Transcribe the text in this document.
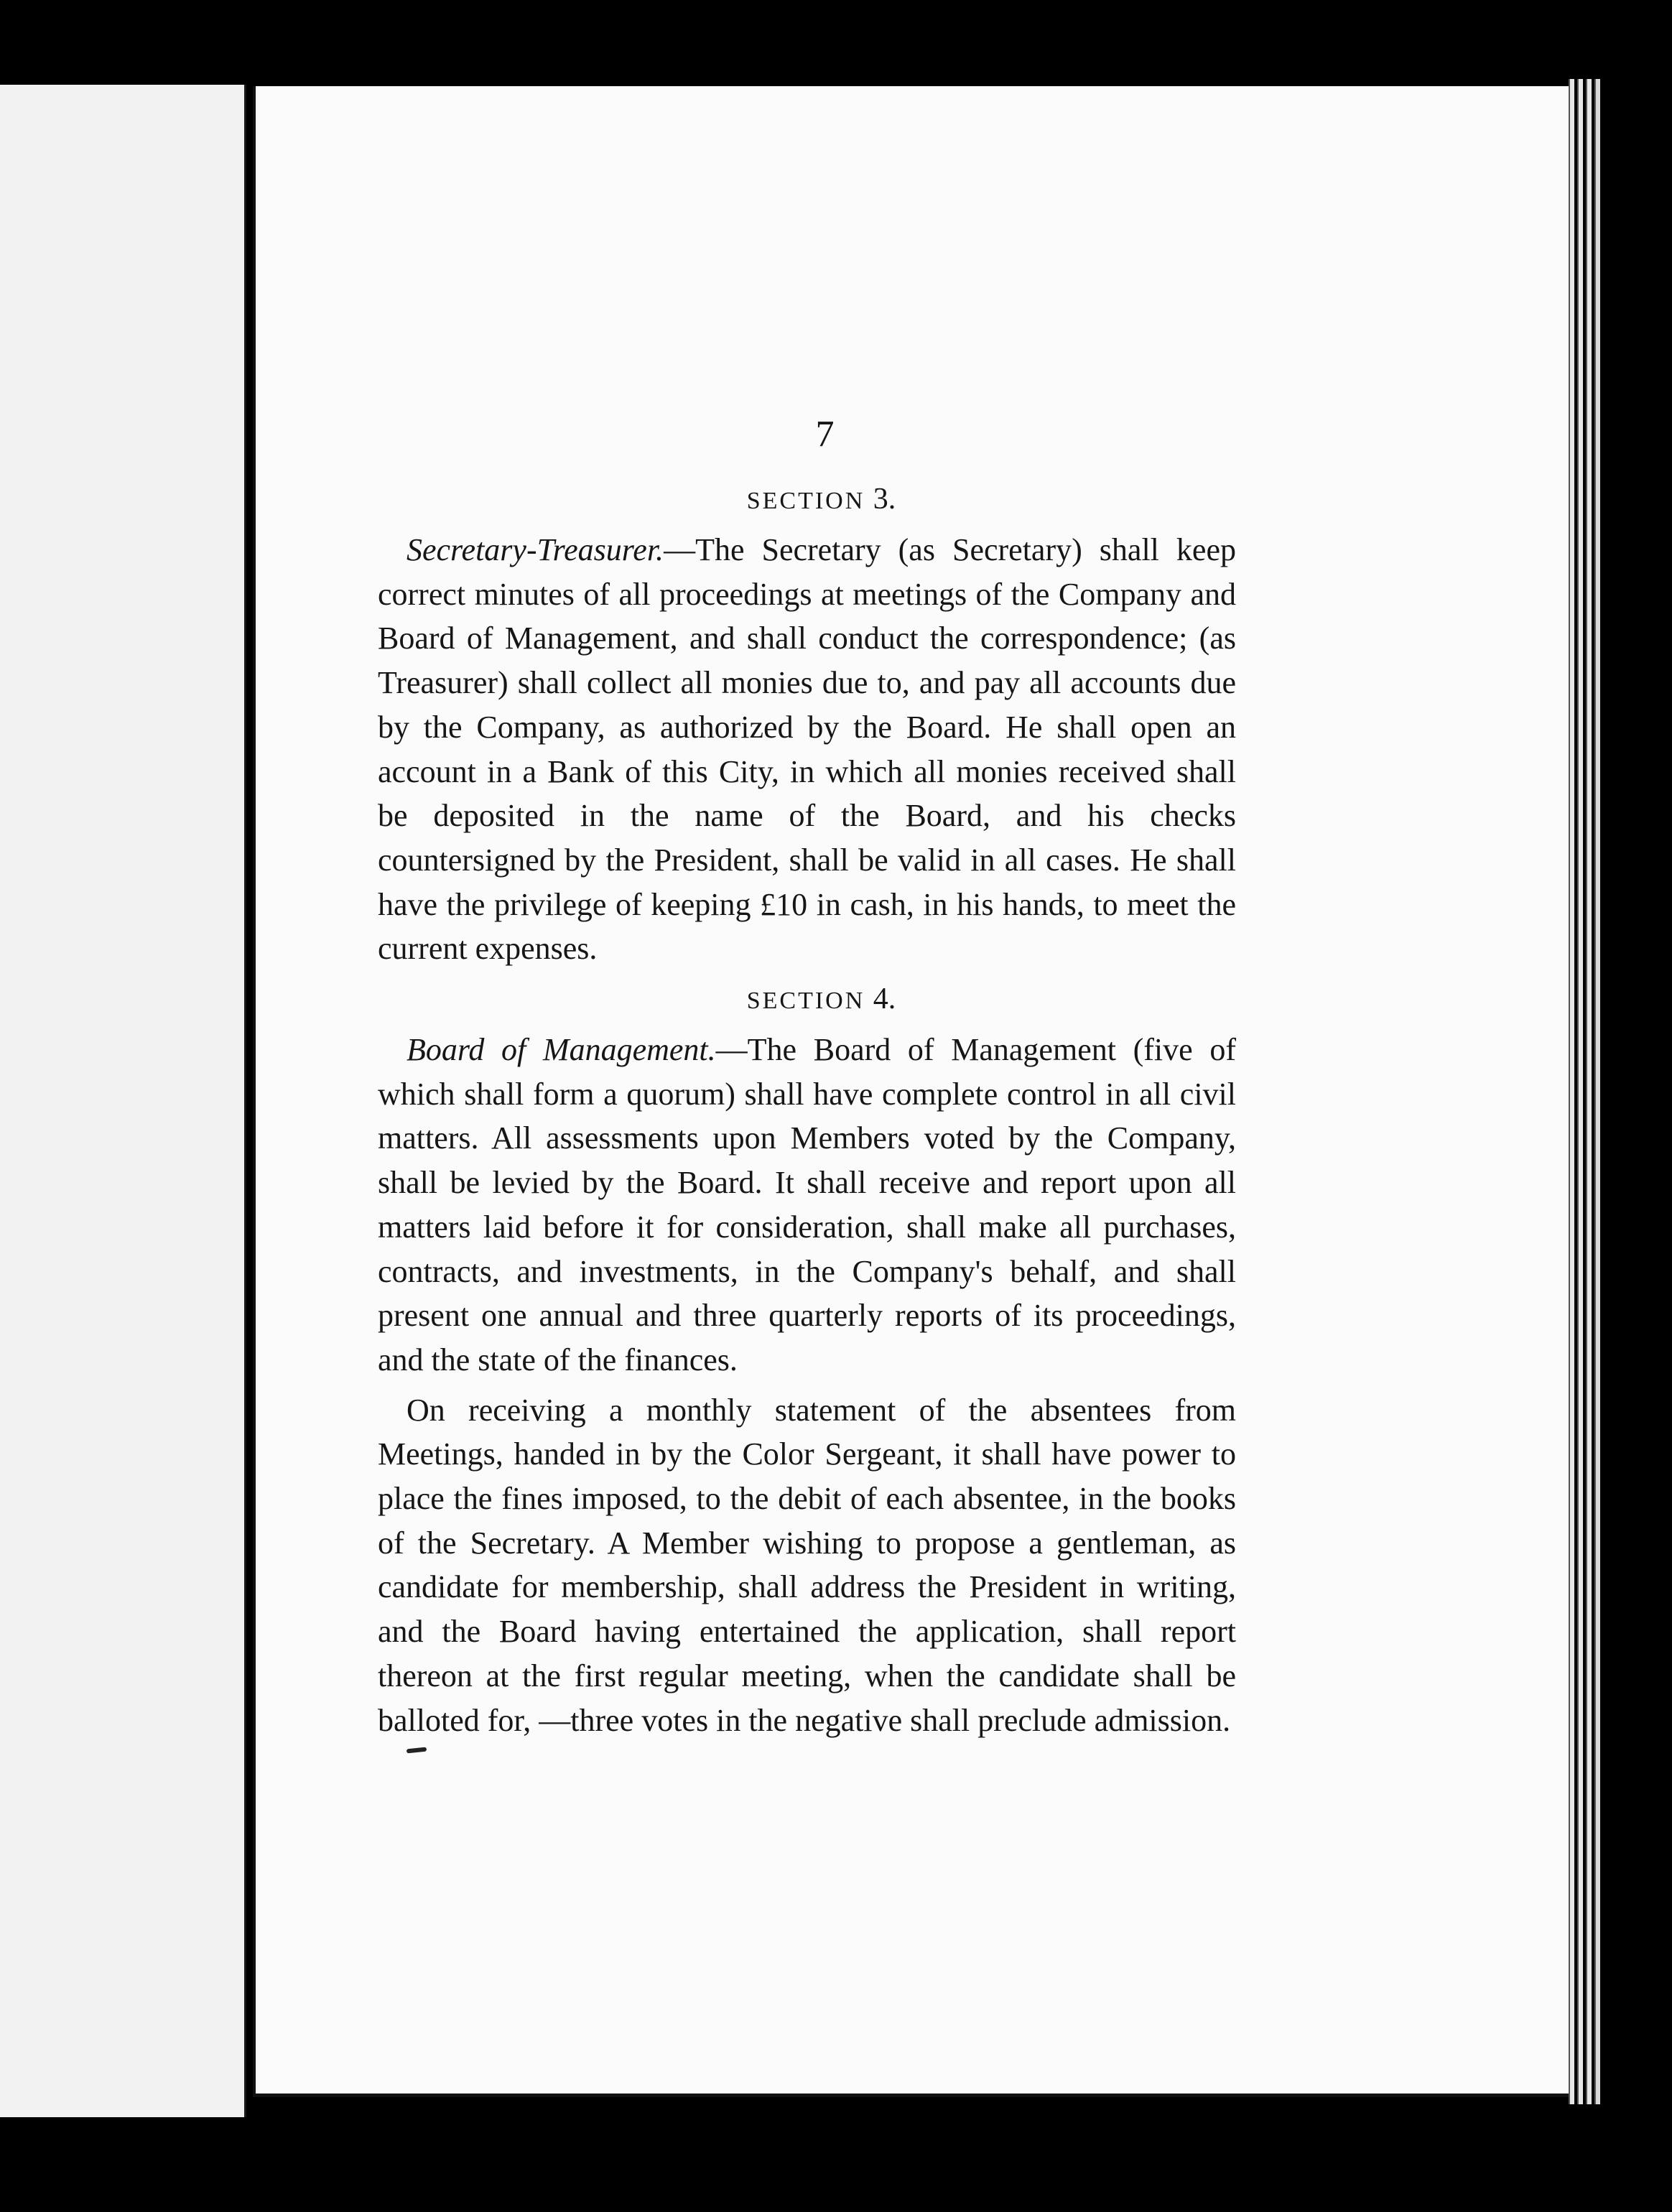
7
SECTION 3.

Secretary-Treasurer.—The Secretary (as Secretary) shall keep correct minutes of all proceedings at meetings of the Company and Board of Management, and shall conduct the correspondence; (as Treasurer) shall collect all monies due to, and pay all accounts due by the Company, as authorized by the Board. He shall open an account in a Bank of this City, in which all monies received shall be deposited in the name of the Board, and his checks countersigned by the President, shall be valid in all cases. He shall have the privilege of keeping £10 in cash, in his hands, to meet the current expenses.

SECTION 4.

Board of Management.—The Board of Management (five of which shall form a quorum) shall have complete control in all civil matters. All assessments upon Members voted by the Company, shall be levied by the Board. It shall receive and report upon all matters laid before it for consideration, shall make all purchases, contracts, and investments, in the Company's behalf, and shall present one annual and three quarterly reports of its proceedings, and the state of the finances.

On receiving a monthly statement of the absentees from Meetings, handed in by the Color Sergeant, it shall have power to place the fines imposed, to the debit of each absentee, in the books of the Secretary. A Member wishing to propose a gentleman, as candidate for membership, shall address the President in writing, and the Board having entertained the application, shall report thereon at the first regular meeting, when the candidate shall be balloted for, —three votes in the negative shall preclude admission.
